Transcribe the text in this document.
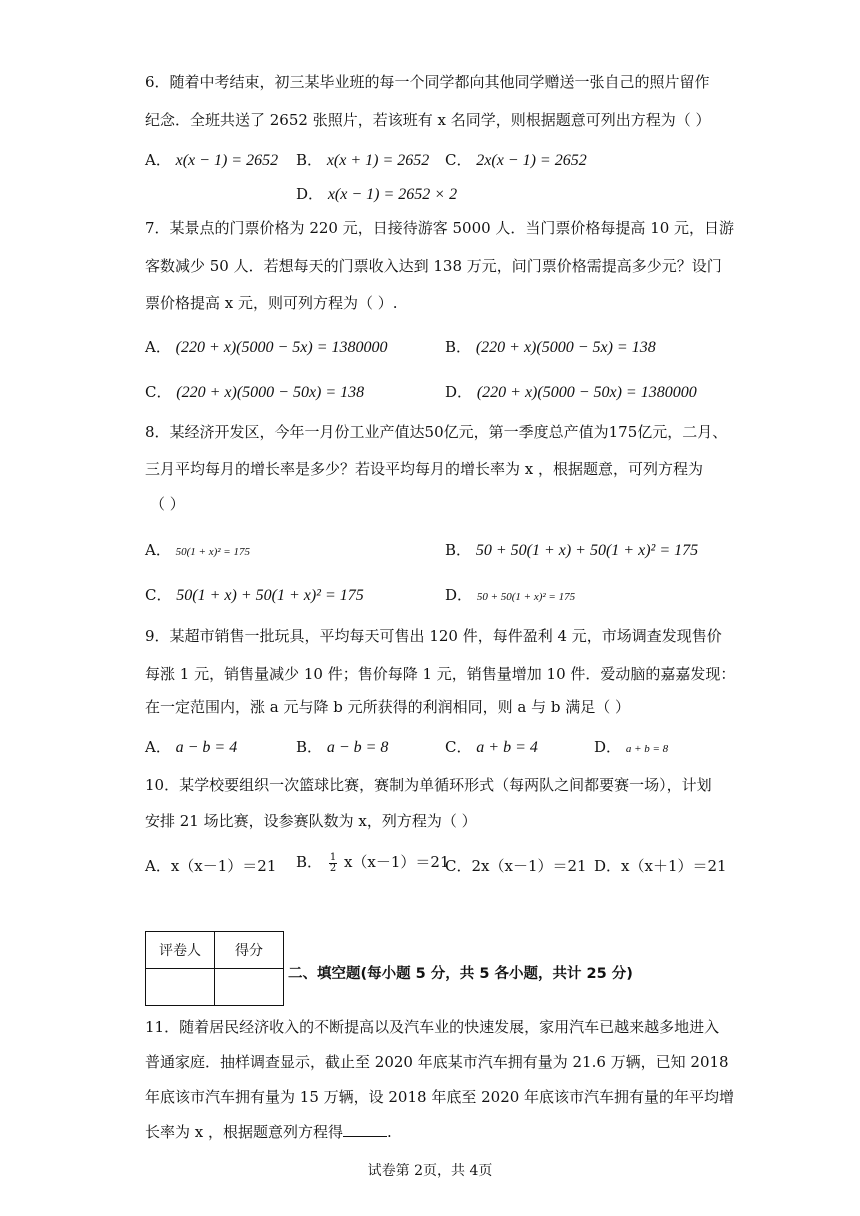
6．随着中考结束，初三某毕业班的每一个同学都向其他同学赠送一张自己的照片留作
纪念．全班共送了 2652 张照片，若该班有 x 名同学，则根据题意可列出方程为（ ）
A． x(x − 1) = 2652 B． x(x + 1) = 2652 C． 2x(x − 1) = 2652
D． x(x − 1) = 2652 × 2
7．某景点的门票价格为 220 元，日接待游客 5000 人．当门票价格每提高 10 元，日游
客数减少 50 人．若想每天的门票收入达到 138 万元，问门票价格需提高多少元？设门
票价格提高 x 元，则可列方程为（ ）.
A． (220 + x)(5000 − 5x) = 1380000	B． (220 + x)(5000 − 5x) = 138
C． (220 + x)(5000 − 50x) = 138	D． (220 + x)(5000 − 50x) = 1380000
8．某经济开发区，今年一月份工业产值达50亿元，第一季度总产值为175亿元，二月、
三月平均每月的增长率是多少？若设平均每月的增长率为 x ，根据题意，可列方程为
（ ）
A． 50(1 + x)² = 175	B． 50 + 50(1 + x) + 50(1 + x)² = 175
C． 50(1 + x) + 50(1 + x)² = 175	D． 50 + 50(1 + x)² = 175
9．某超市销售一批玩具，平均每天可售出 120 件，每件盈利 4 元，市场调查发现售价
每涨 1 元，销售量减少 10 件；售价每降 1 元，销售量增加 10 件．爱动脑的嘉嘉发现：
在一定范围内，涨 a 元与降 b 元所获得的利润相同，则 a 与 b 满足（ ）
A． a − b = 4	B． a − b = 8	C． a + b = 4	D． a + b = 8
10．某学校要组织一次篮球比赛，赛制为单循环形式（每两队之间都要赛一场），计划
安排 21 场比赛，设参赛队数为 x，列方程为（ ）
A．x（x－1）＝21 B． $\frac{1}{2} x(x-1)=21$
C．2x（x－1）＝21 D．x（x＋1）＝21
评卷人	得分

二、填空题(每小题 5 分，共 5 各小题，共计 25 分)
11．随着居民经济收入的不断提高以及汽车业的快速发展，家用汽车已越来越多地进入
普通家庭．抽样调查显示，截止至 2020 年底某市汽车拥有量为 21.6 万辆，已知 2018
年底该市汽车拥有量为 15 万辆，设 2018 年底至 2020 年底该市汽车拥有量的年平均增
长率为 x ，根据题意列方程得	.
试卷第 2页，共 4页
